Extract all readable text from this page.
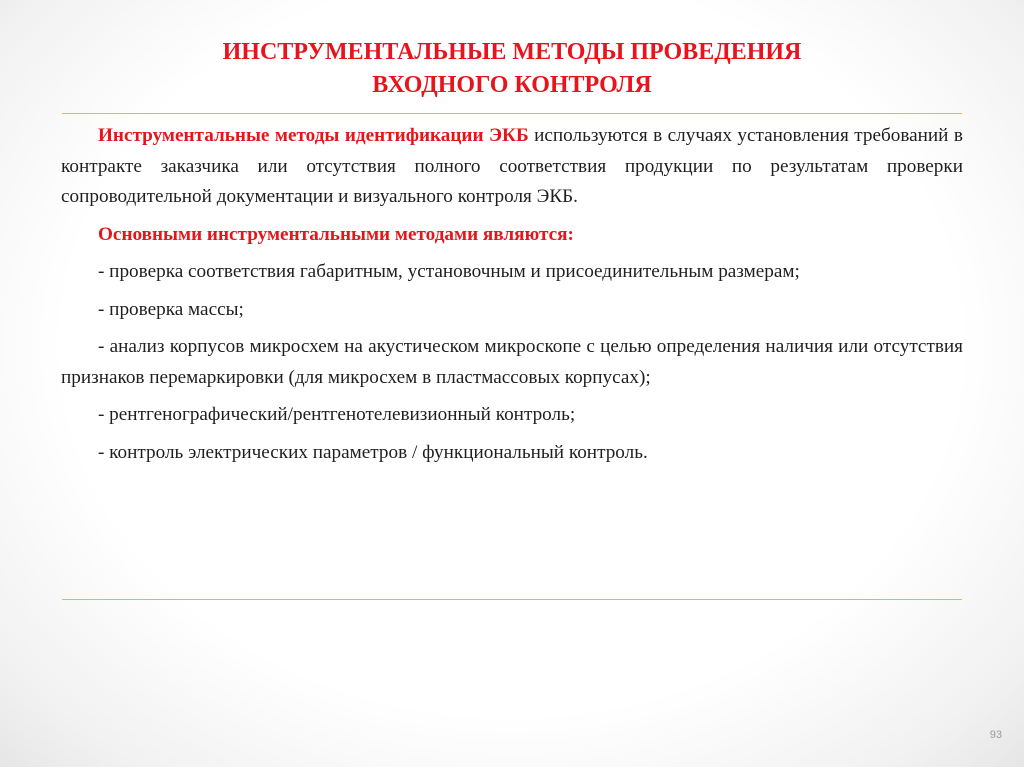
ИНСТРУМЕНТАЛЬНЫЕ МЕТОДЫ ПРОВЕДЕНИЯ
ВХОДНОГО КОНТРОЛЯ

Инструментальные методы идентификации ЭКБ используются в случаях установления требований в контракте заказчика или отсутствия полного соответствия продукции по результатам проверки сопроводительной документации и визуального контроля ЭКБ.

Основными инструментальными методами являются:

- проверка соответствия габаритным, установочным и присоединительным размерам;

- проверка массы;

- анализ корпусов микросхем на акустическом микроскопе с целью определения наличия или отсутствия признаков перемаркировки (для микросхем в пластмассовых корпусах);

- рентгенографический/рентгенотелевизионный контроль;

- контроль электрических параметров / функциональный контроль.

93
